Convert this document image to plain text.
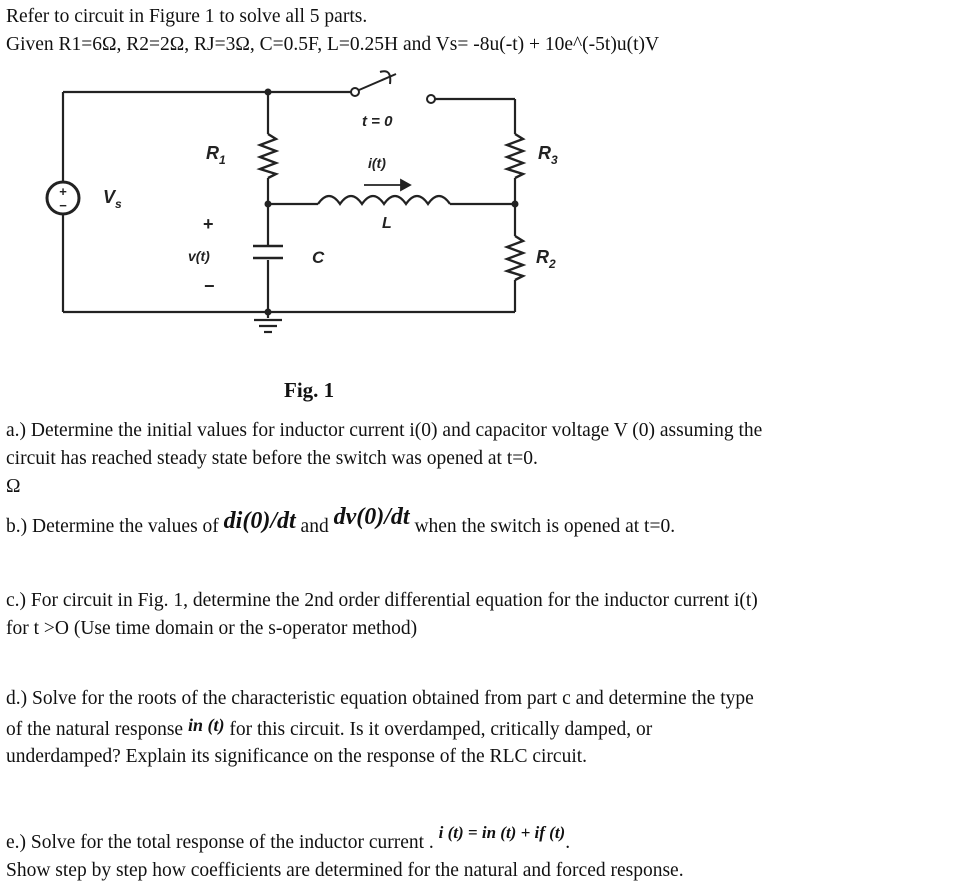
Refer to circuit in Figure 1 to solve all 5 parts.
Given R1=6Ω, R2=2Ω, RJ=3Ω, C=0.5F, L=0.25H and Vs= -8u(-t) + 10e^(-5t)u(t)V
+
−
t = 0
i(t)
$R_1$	$R_3$
$R_2$
L
C
$V_s$
v(t)
+
−
Fig. 1
a.) Determine the initial values for inductor current i(0) and capacitor voltage V (0) assuming the
circuit has reached steady state before the switch was opened at t=0.
Ω
b.) Determine the values of di(0)/dt and dv(0)/dt when the switch is opened at t=0.
c.) For circuit in Fig. 1, determine the 2nd order differential equation for the inductor current i(t)
for t >O (Use time domain or the s-operator method)
d.) Solve for the roots of the characteristic equation obtained from part c and determine the type
of the natural response in (t) for this circuit. Is it overdamped, critically damped, or
underdamped? Explain its significance on the response of the RLC circuit.
e.) Solve for the total response of the inductor current . i (t) = in (t) + if (t).
Show step by step how coefficients are determined for the natural and forced response.
